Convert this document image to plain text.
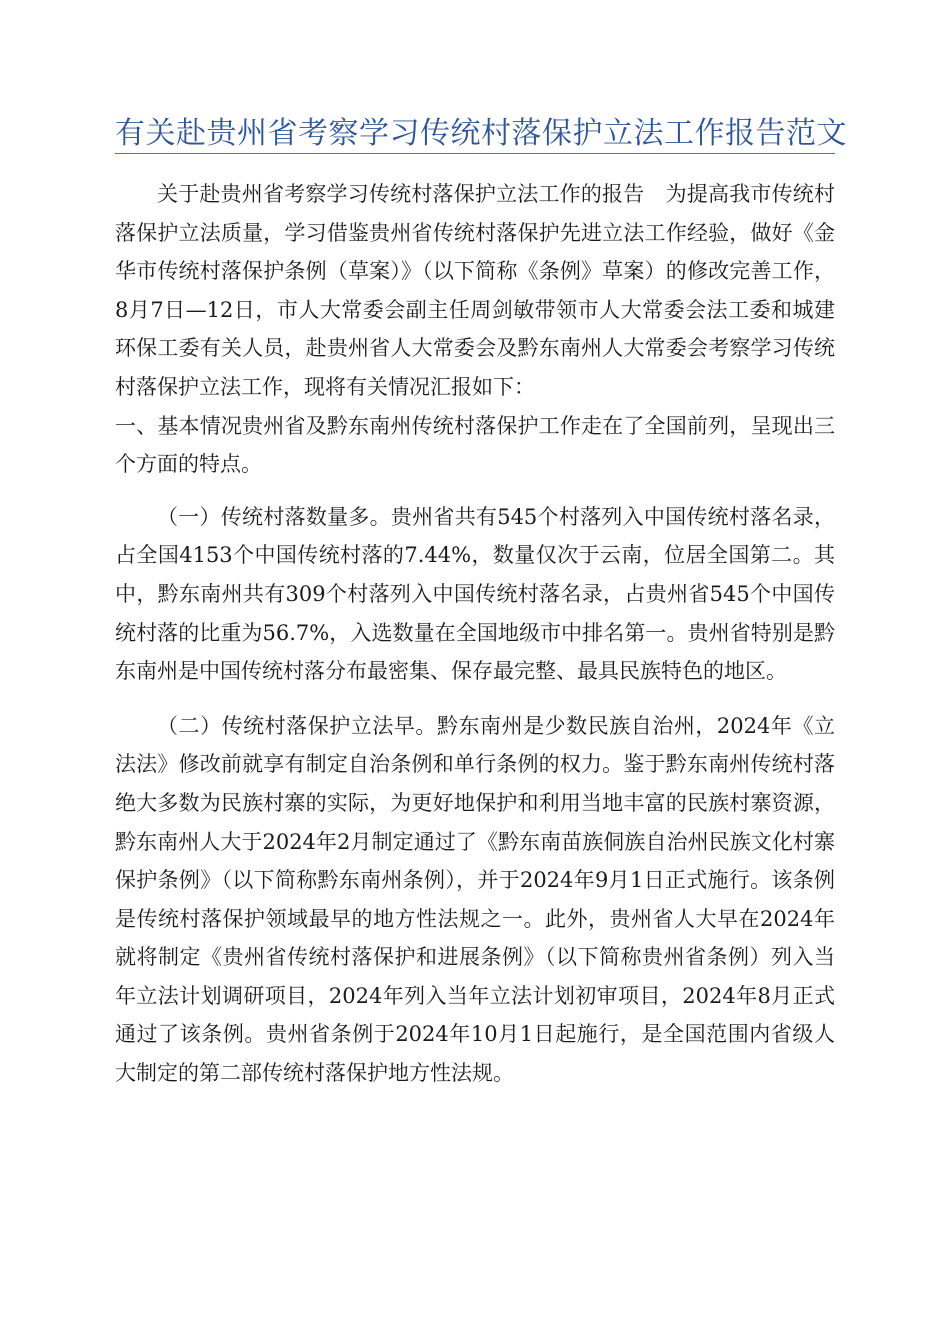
有关赴贵州省考察学习传统村落保护立法工作报告范文

关于赴贵州省考察学习传统村落保护立法工作的报告　为提高我市传统村落保护立法质量，学习借鉴贵州省传统村落保护先进立法工作经验，做好《金华市传统村落保护条例（草案）》（以下简称《条例》草案）的修改完善工作，8月7日—12日，市人大常委会副主任周剑敏带领市人大常委会法工委和城建环保工委有关人员，赴贵州省人大常委会及黔东南州人大常委会考察学习传统村落保护立法工作，现将有关情况汇报如下：

一、基本情况贵州省及黔东南州传统村落保护工作走在了全国前列，呈现出三个方面的特点。

（一）传统村落数量多。贵州省共有545个村落列入中国传统村落名录，占全国4153个中国传统村落的7.44%，数量仅次于云南，位居全国第二。其中，黔东南州共有309个村落列入中国传统村落名录，占贵州省545个中国传统村落的比重为56.7%，入选数量在全国地级市中排名第一。贵州省特别是黔东南州是中国传统村落分布最密集、保存最完整、最具民族特色的地区。

（二）传统村落保护立法早。黔东南州是少数民族自治州，2024年《立法法》修改前就享有制定自治条例和单行条例的权力。鉴于黔东南州传统村落绝大多数为民族村寨的实际，为更好地保护和利用当地丰富的民族村寨资源，黔东南州人大于2024年2月制定通过了《黔东南苗族侗族自治州民族文化村寨保护条例》（以下简称黔东南州条例），并于2024年9月1日正式施行。该条例是传统村落保护领域最早的地方性法规之一。此外，贵州省人大早在2024年就将制定《贵州省传统村落保护和进展条例》（以下简称贵州省条例）列入当年立法计划调研项目，2024年列入当年立法计划初审项目，2024年8月正式通过了该条例。贵州省条例于2024年10月1日起施行，是全国范围内省级人大制定的第二部传统村落保护地方性法规。
